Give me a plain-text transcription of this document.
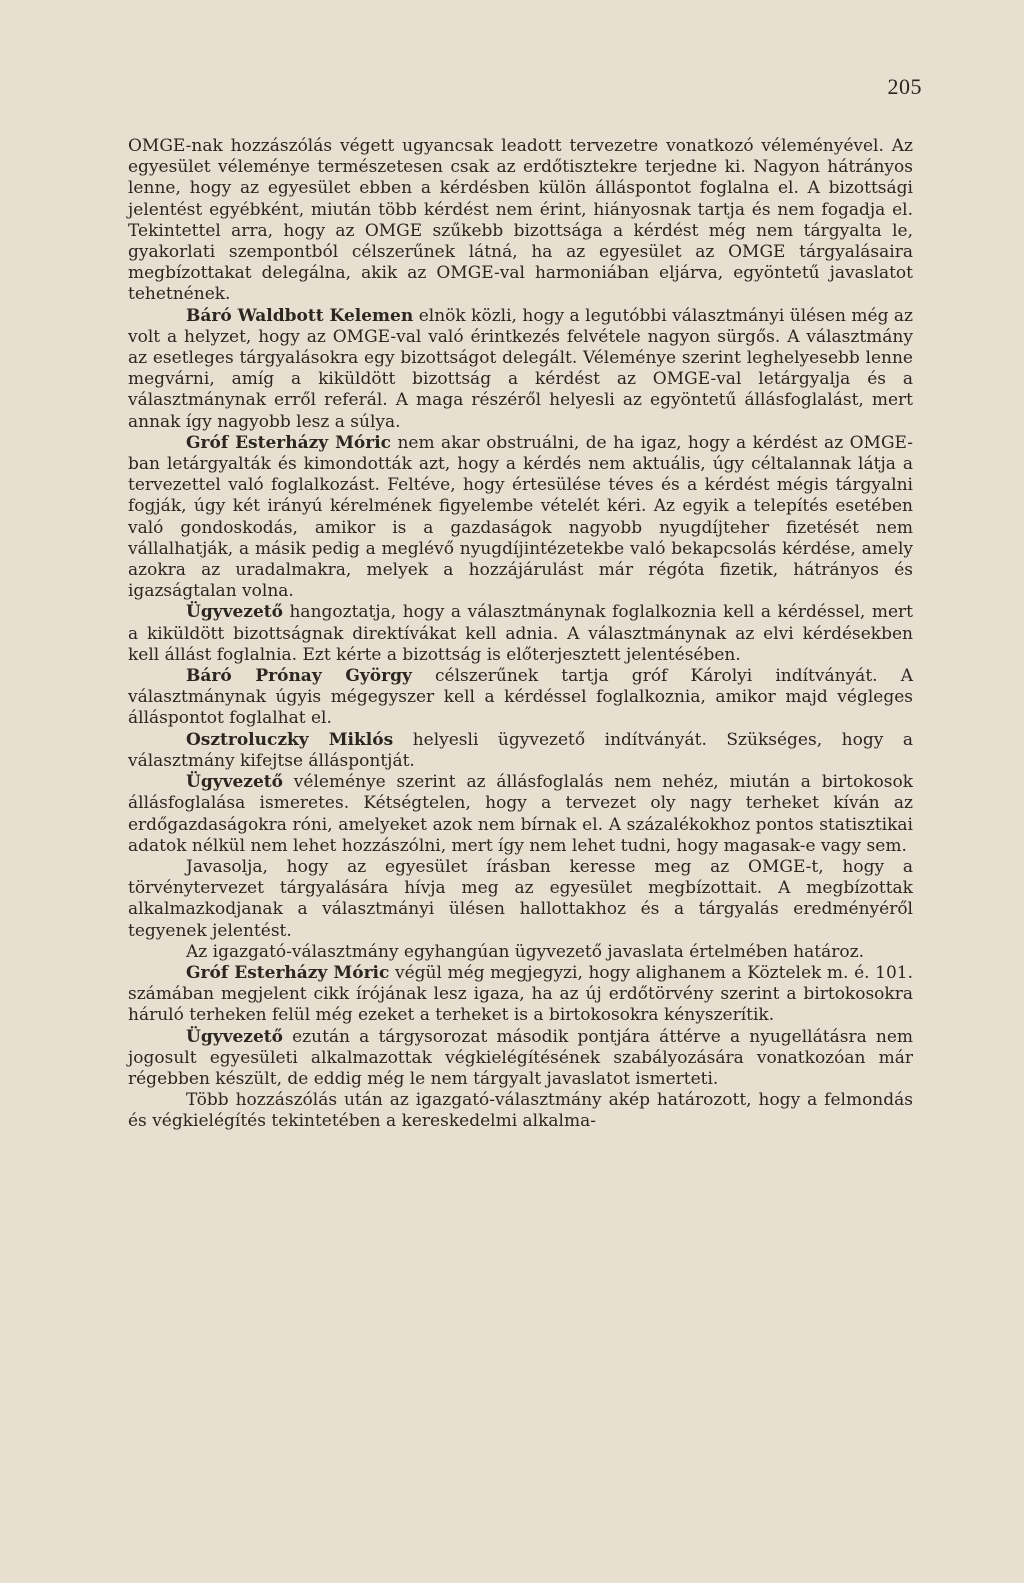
205

OMGE-nak hozzászólás végett ugyancsak leadott tervezetre vonatkozó véleményével. Az egyesület véleménye természetesen csak az erdőtisztekre terjedne ki. Nagyon hátrányos lenne, hogy az egyesület ebben a kérdésben külön álláspontot foglalna el. A bizottsági jelentést egyébként, miután több kérdést nem érint, hiányosnak tartja és nem fogadja el. Tekintettel arra, hogy az OMGE szűkebb bizottsága a kérdést még nem tárgyalta le, gyakorlati szempontból célszerűnek látná, ha az egyesület az OMGE tárgyalásaira megbízottakat delegálna, akik az OMGE-val harmoniában eljárva, egyöntetű javaslatot tehetnének.

Báró Waldbott Kelemen elnök közli, hogy a legutóbbi választmányi ülésen még az volt a helyzet, hogy az OMGE-val való érintkezés felvétele nagyon sürgős. A választmány az esetleges tárgyalásokra egy bizottságot delegált. Véleménye szerint leghelyesebb lenne megvárni, amíg a kiküldött bizottság a kérdést az OMGE-val letárgyalja és a választmánynak erről referál. A maga részéről helyesli az egyöntetű állásfoglalást, mert annak így nagyobb lesz a súlya.

Gróf Esterházy Móric nem akar obstruálni, de ha igaz, hogy a kérdést az OMGE-ban letárgyalták és kimondották azt, hogy a kérdés nem aktuális, úgy céltalannak látja a tervezettel való foglalkozást. Feltéve, hogy értesülése téves és a kérdést mégis tárgyalni fogják, úgy két irányú kérelmének figyelembe vételét kéri. Az egyik a telepítés esetében való gondoskodás, amikor is a gazdaságok nagyobb nyugdíjteher fizetését nem vállalhatják, a másik pedig a meglévő nyugdíjintézetekbe való bekapcsolás kérdése, amely azokra az uradalmakra, melyek a hozzájárulást már régóta fizetik, hátrányos és igazságtalan volna.

Ügyvezető hangoztatja, hogy a választmánynak foglalkoznia kell a kérdéssel, mert a kiküldött bizottságnak direktívákat kell adnia. A választmánynak az elvi kérdésekben kell állást foglalnia. Ezt kérte a bizottság is előterjesztett jelentésében.

Báró Prónay György célszerűnek tartja gróf Károlyi indítványát. A választmánynak úgyis mégegyszer kell a kérdéssel foglalkoznia, amikor majd végleges álláspontot foglalhat el.

Osztroluczky Miklós helyesli ügyvezető indítványát. Szükséges, hogy a választmány kifejtse álláspontját.

Ügyvezető véleménye szerint az állásfoglalás nem nehéz, miután a birtokosok állásfoglalása ismeretes. Kétségtelen, hogy a tervezet oly nagy terheket kíván az erdőgazdaságokra róni, amelyeket azok nem bírnak el. A százalékokhoz pontos statisztikai adatok nélkül nem lehet hozzászólni, mert így nem lehet tudni, hogy magasak-e vagy sem.

Javasolja, hogy az egyesület írásban keresse meg az OMGE-t, hogy a törvénytervezet tárgyalására hívja meg az egyesület megbízottait. A megbízottak alkalmazkodjanak a választmányi ülésen hallottakhoz és a tárgyalás eredményéről tegyenek jelentést.

Az igazgató-választmány egyhangúan ügyvezető javaslata értelmében határoz.

Gróf Esterházy Móric végül még megjegyzi, hogy alighanem a Köztelek m. é. 101. számában megjelent cikk írójának lesz igaza, ha az új erdőtörvény szerint a birtokosokra háruló terheken felül még ezeket a terheket is a birtokosokra kényszerítik.

Ügyvezető ezután a tárgysorozat második pontjára áttérve a nyugellátásra nem jogosult egyesületi alkalmazottak végkielégítésének szabályozására vonatkozóan már régebben készült, de eddig még le nem tárgyalt javaslatot ismerteti.

Több hozzászólás után az igazgató-választmány akép határozott, hogy a felmondás és végkielégítés tekintetében a kereskedelmi alkalma-
